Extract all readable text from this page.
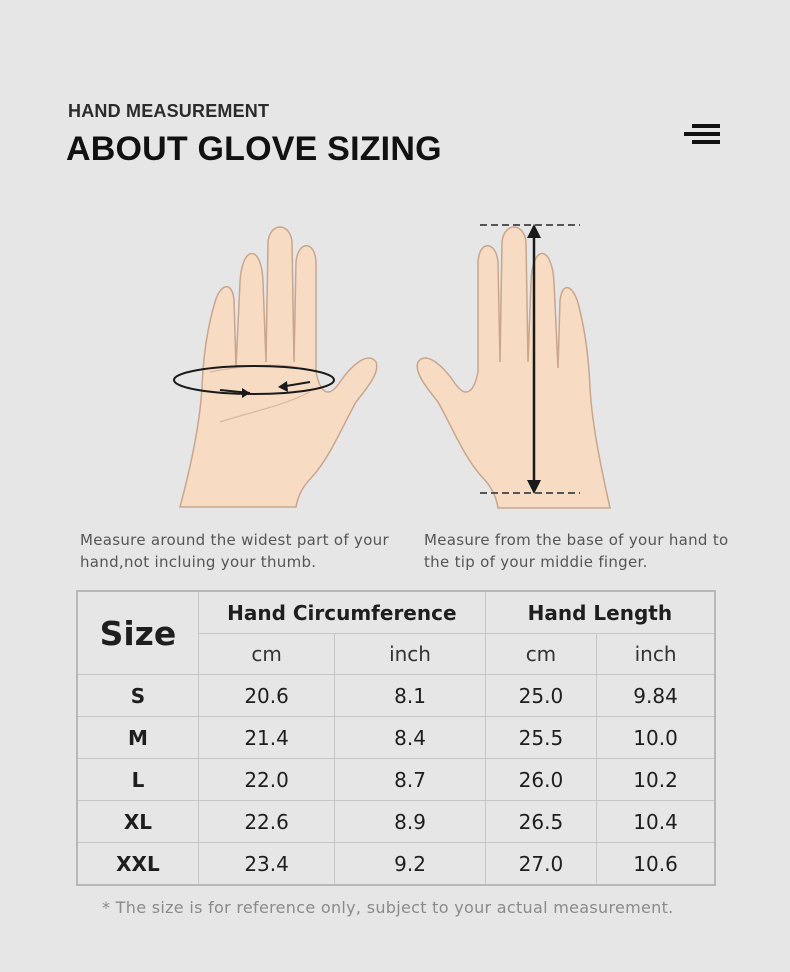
HAND MEASUREMENT
ABOUT GLOVE SIZING
Measure around the widest part of your hand,not incluing your thumb.
Measure from the base of your hand to the tip of your middie finger.
Size	Hand Circumference		Hand Length	
	cm	inch	cm	inch
S	20.6	8.1	25.0	9.84
M	21.4	8.4	25.5	10.0
L	22.0	8.7	26.0	10.2
XL	22.6	8.9	26.5	10.4
XXL	23.4	9.2	27.0	10.6
* The size is for reference only, subject to your actual measurement.
